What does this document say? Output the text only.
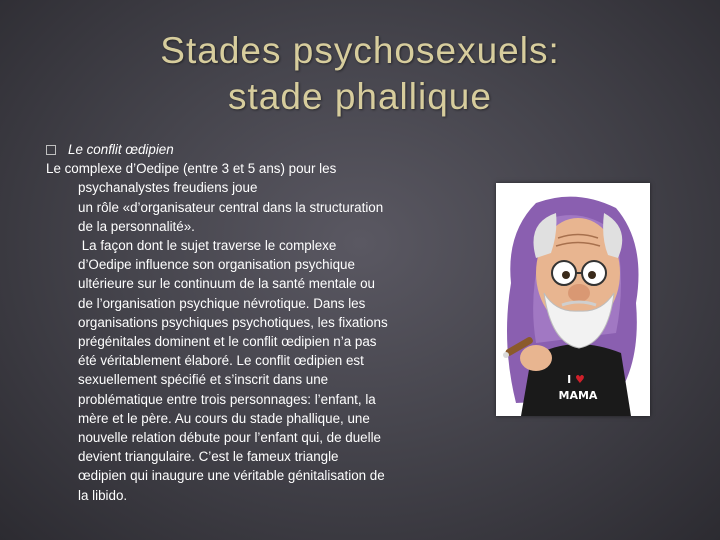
Stades psychosexuels:
stade phallique
Le conflit œdipien
Le complexe d’Oedipe (entre 3 et 5 ans) pour les
psychanalystes freudiens joue
un rôle «d’organisateur central dans la structuration
de la personnalité».
La façon dont le sujet traverse le complexe
d’Oedipe influence son organisation psychique
ultérieure sur le continuum de la santé mentale ou
de l’organisation psychique névrotique. Dans les
organisations psychiques psychotiques, les fixations
prégénitales dominent et le conflit œdipien n’a pas
été véritablement élaboré. Le conflit œdipien est
sexuellement spécifié et s’inscrit dans une
problématique entre trois personnages: l’enfant, la
mère et le père. Au cours du stade phallique, une
nouvelle relation débute pour l’enfant qui, de duelle
devient triangulaire. C’est le fameux triangle
œdipien qui inaugure une véritable génitalisation de
la libido.
I ♥
MAMA
